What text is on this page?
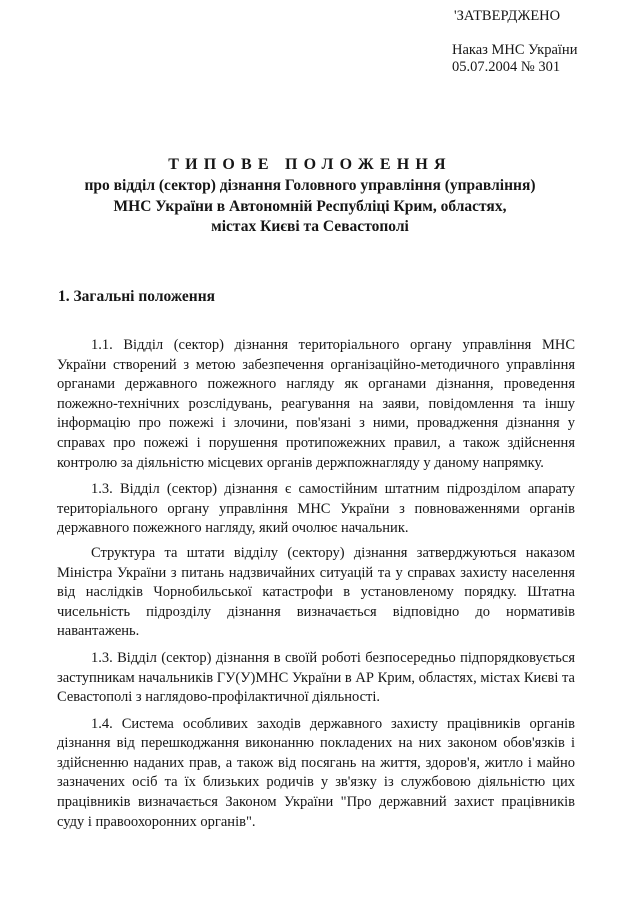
'ЗАТВЕРДЖЕНО
Наказ МНС України
05.07.2004 № 301
ТИПОВЕ ПОЛОЖЕННЯ
про відділ (сектор) дізнання Головного управління (управління)
МНС України в Автономній Республіці Крим, областях,
містах Києві та Севастополі
1. Загальні положення

1.1. Відділ (сектор) дізнання територіального органу управління МНС України створений з метою забезпечення організаційно-методичного управління органами державного пожежного нагляду як органами дізнання, проведення пожежно-технічних розслідувань, реагування на заяви, повідомлення та іншу інформацію про пожежі і злочини, пов'язані з ними, провадження дізнання у справах про пожежі і порушення протипожежних правил, а також здійснення контролю за діяльністю місцевих органів держпожнагляду у даному напрямку.

1.3. Відділ (сектор) дізнання є самостійним штатним підрозділом апарату територіального органу управління МНС України з повноваженнями органів державного пожежного нагляду, який очолює начальник.

Структура та штати відділу (сектору) дізнання затверджуються наказом Міністра України з питань надзвичайних ситуацій та у справах захисту населення від наслідків Чорнобильської катастрофи в установленому порядку. Штатна чисельність підрозділу дізнання визначається відповідно до нормативів навантажень.

1.3. Відділ (сектор) дізнання в своїй роботі безпосередньо підпорядковується заступникам начальників ГУ(У)МНС України в АР Крим, областях, містах Києві та Севастополі з наглядово-профілактичної діяльності.

1.4. Система особливих заходів державного захисту працівників органів дізнання від перешкоджання виконанню покладених на них законом обов'язків і здійсненню наданих прав, а також від посягань на життя, здоров'я, житло і майно зазначених осіб та їх близьких родичів у зв'язку із службовою діяльністю цих працівників визначається Законом України "Про державний захист працівників суду і правоохоронних органів".
